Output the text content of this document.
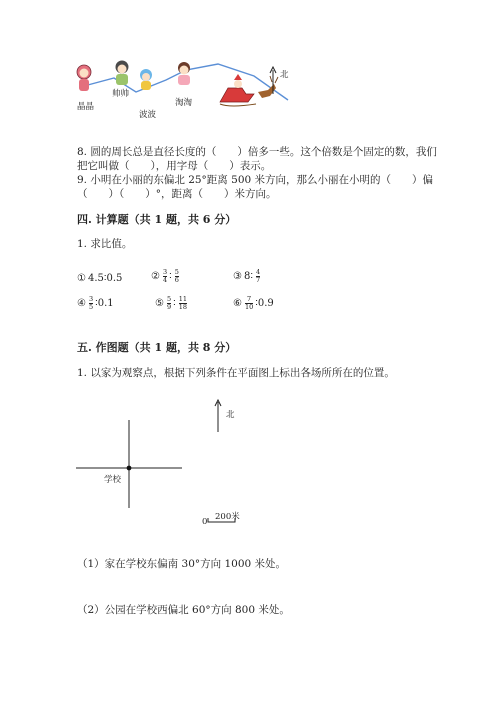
晶晶
帅帅
波波
淘淘
北
8. 圆的周长总是直径长度的（　　）倍多一些。这个倍数是个固定的数，我们
把它叫做（　　），用字母（　　）表示。
9. 小明在小丽的东偏北 25°距离 500 米方向，那么小丽在小明的（　　）偏
（　　）（　　）°，距离（　　）米方向。
四. 计算题（共 1 题，共 6 分）
1. 求比值。
① 4.5∶0.5	② $\frac{3}{4}$ ∶ $\frac{5}{6}$	③ 8∶ $\frac{4}{7}$
④ $\frac{3}{5}$ ∶0.1	⑤ $\frac{5}{9}$ ∶ $\frac{11}{18}$	⑥ $\frac{7}{10}$ ∶0.9
五. 作图题（共 1 题，共 8 分）
1. 以家为观察点，根据下列条件在平面图上标出各场所所在的位置。
北
学校
0 200米
（1）家在学校东偏南 30°方向 1000 米处。
（2）公园在学校西偏北 60°方向 800 米处。
